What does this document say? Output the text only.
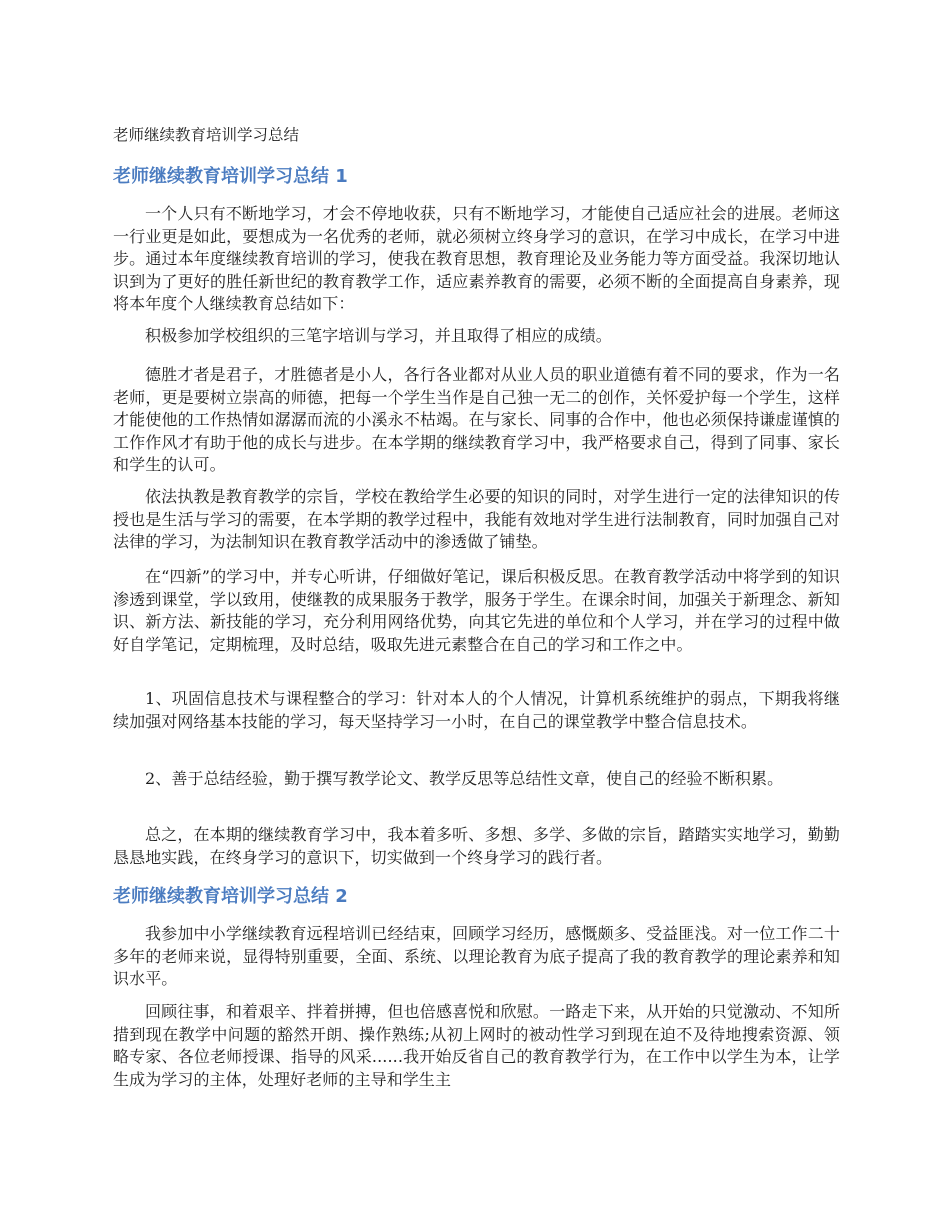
老师继续教育培训学习总结
老师继续教育培训学习总结 1

一个人只有不断地学习，才会不停地收获，只有不断地学习，才能使自己适应社会的进展。老师这一行业更是如此，要想成为一名优秀的老师，就必须树立终身学习的意识，在学习中成长，在学习中进步。通过本年度继续教育培训的学习，使我在教育思想，教育理论及业务能力等方面受益。我深切地认识到为了更好的胜任新世纪的教育教学工作，适应素养教育的需要，必须不断的全面提高自身素养，现将本年度个人继续教育总结如下：

积极参加学校组织的三笔字培训与学习，并且取得了相应的成绩。

德胜才者是君子，才胜德者是小人，各行各业都对从业人员的职业道德有着不同的要求，作为一名老师，更是要树立崇高的师德，把每一个学生当作是自己独一无二的创作，关怀爱护每一个学生，这样才能使他的工作热情如潺潺而流的小溪永不枯竭。在与家长、同事的合作中，他也必须保持谦虚谨慎的工作作风才有助于他的成长与进步。在本学期的继续教育学习中，我严格要求自己，得到了同事、家长和学生的认可。

依法执教是教育教学的宗旨，学校在教给学生必要的知识的同时，对学生进行一定的法律知识的传授也是生活与学习的需要，在本学期的教学过程中，我能有效地对学生进行法制教育，同时加强自己对法律的学习，为法制知识在教育教学活动中的渗透做了铺垫。

在“四新”的学习中，并专心听讲，仔细做好笔记，课后积极反思。在教育教学活动中将学到的知识渗透到课堂，学以致用，使继教的成果服务于教学，服务于学生。在课余时间，加强关于新理念、新知识、新方法、新技能的学习，充分利用网络优势，向其它先进的单位和个人学习，并在学习的过程中做好自学笔记，定期梳理，及时总结，吸取先进元素整合在自己的学习和工作之中。

1、巩固信息技术与课程整合的学习：针对本人的个人情况，计算机系统维护的弱点，下期我将继续加强对网络基本技能的学习，每天坚持学习一小时，在自己的课堂教学中整合信息技术。

2、善于总结经验，勤于撰写教学论文、教学反思等总结性文章，使自己的经验不断积累。

总之，在本期的继续教育学习中，我本着多听、多想、多学、多做的宗旨，踏踏实实地学习，勤勤恳恳地实践，在终身学习的意识下，切实做到一个终身学习的践行者。

老师继续教育培训学习总结 2

我参加中小学继续教育远程培训已经结束，回顾学习经历，感慨颇多、受益匪浅。对一位工作二十多年的老师来说，显得特别重要，全面、系统、以理论教育为底子提高了我的教育教学的理论素养和知识水平。

回顾往事，和着艰辛、拌着拼搏，但也倍感喜悦和欣慰。一路走下来，从开始的只觉激动、不知所措到现在教学中问题的豁然开朗、操作熟练;从初上网时的被动性学习到现在迫不及待地搜索资源、领略专家、各位老师授课、指导的风采......我开始反省自己的教育教学行为，在工作中以学生为本，让学生成为学习的主体，处理好老师的主导和学生主
